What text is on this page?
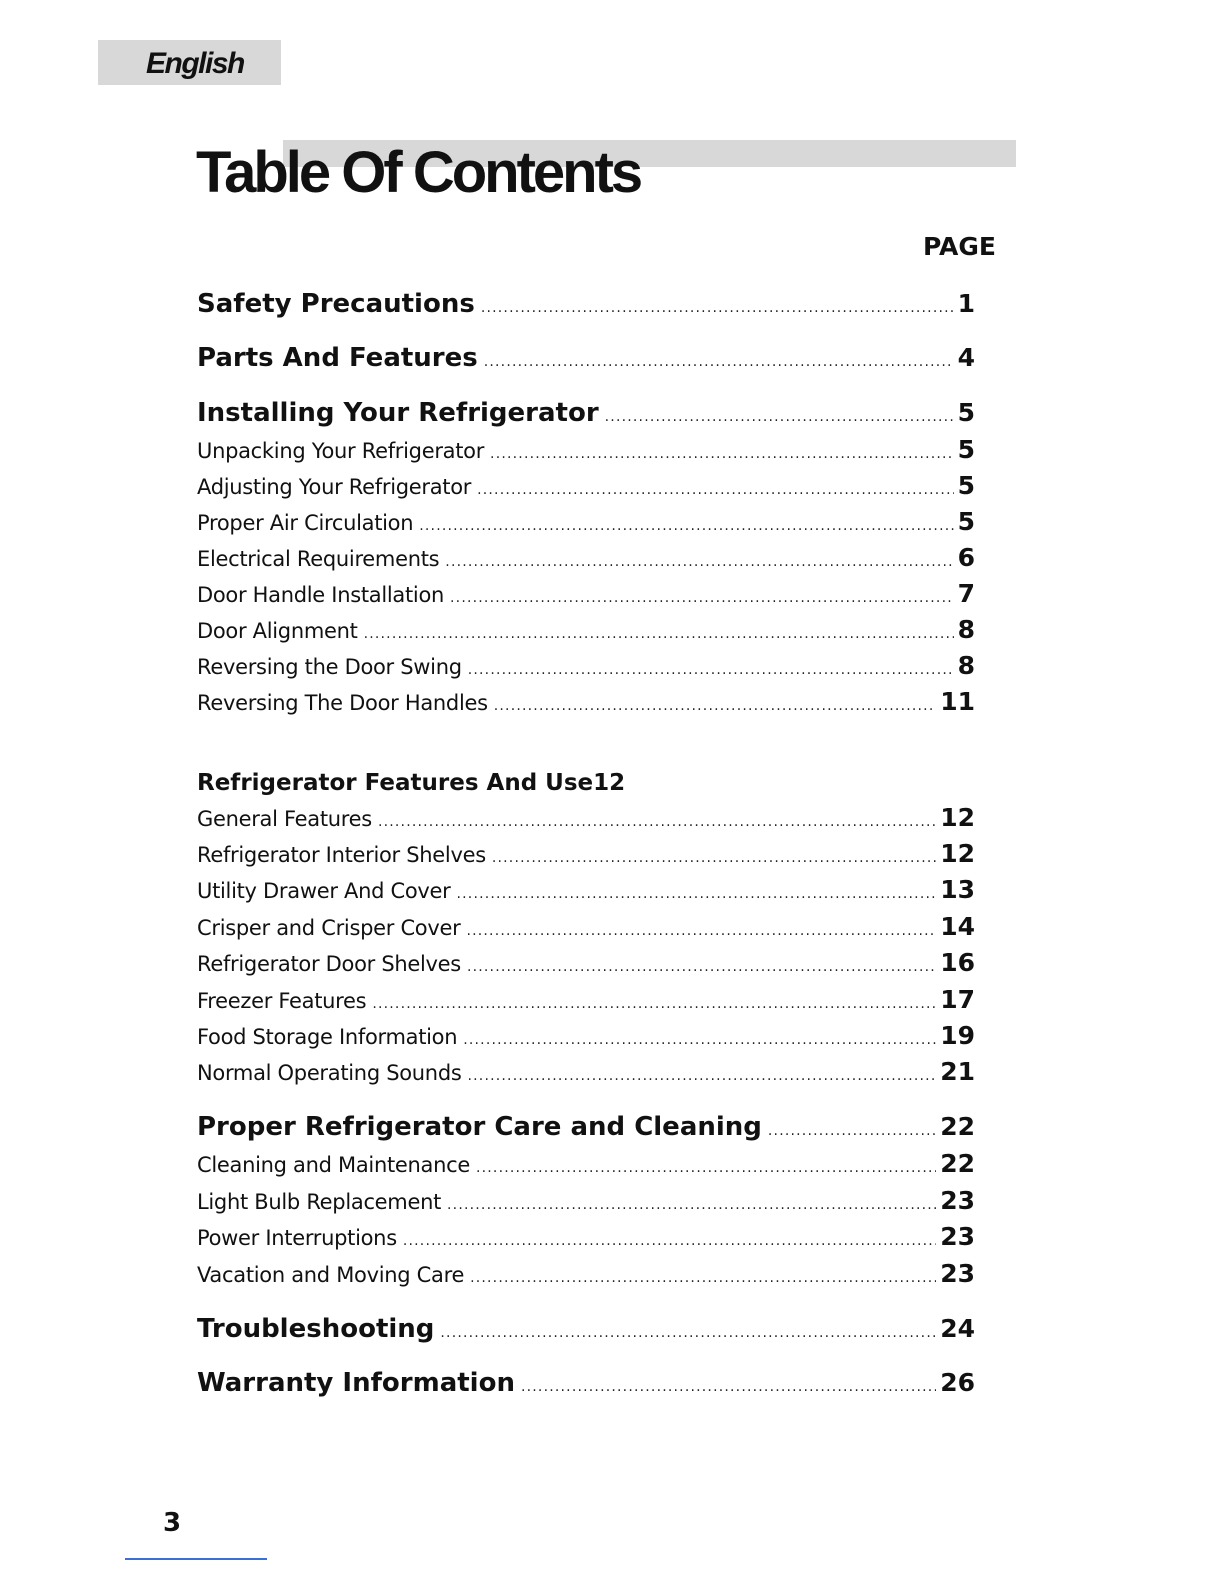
English
Table Of Contents
PAGE
Safety Precautions .....	1
Parts And Features .....	4
Installing Your Refrigerator .....	5
Unpacking Your Refrigerator .....	5
Adjusting Your Refrigerator .....	5
Proper Air Circulation .....	5
Electrical Requirements .....	6
Door Handle Installation .....	7
Door Alignment .....	8
Reversing the Door Swing .....	8
Reversing The Door Handles .....	11
Refrigerator Features And Use12
General Features .....	12
Refrigerator Interior Shelves .....	12
Utility Drawer And Cover .....	13
Crisper and Crisper Cover .....	14
Refrigerator Door Shelves .....	16
Freezer Features .....	17
Food Storage Information .....	19
Normal Operating Sounds .....	21
Proper Refrigerator Care and Cleaning .....	22
Cleaning and Maintenance .....	22
Light Bulb Replacement .....	23
Power Interruptions .....	23
Vacation and Moving Care .....	23
Troubleshooting .....	24
Warranty Information .....	26
3
